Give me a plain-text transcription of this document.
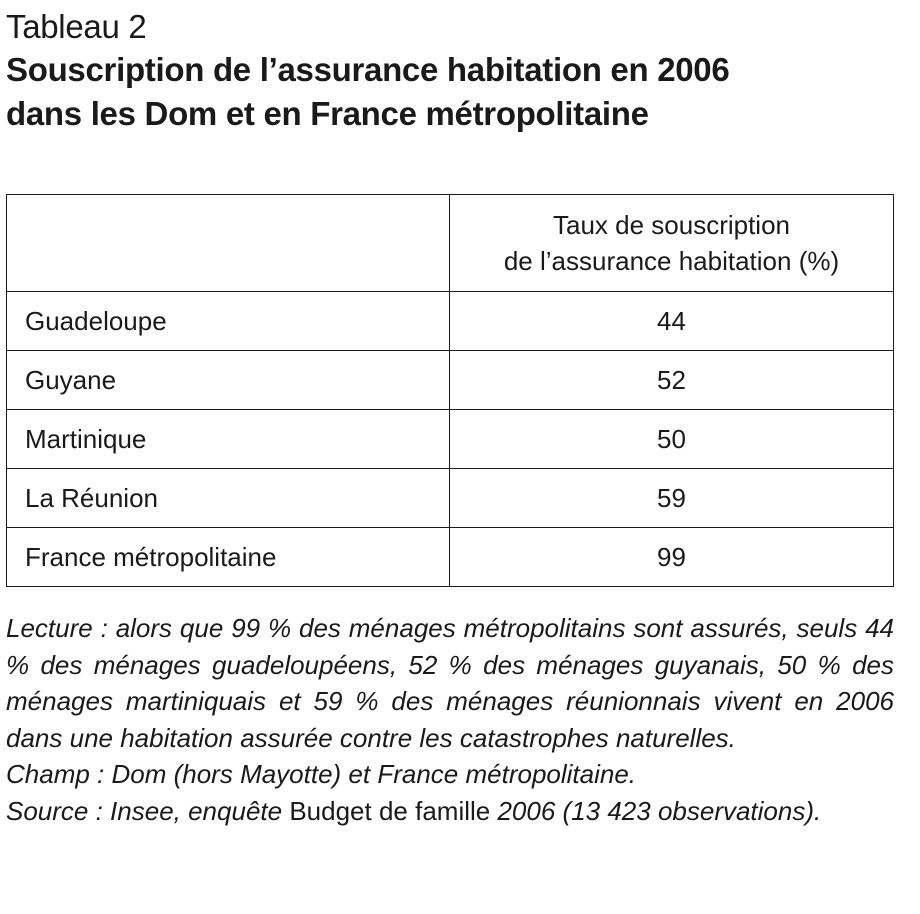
Tableau 2
Souscription de l’assurance habitation en 2006 dans les Dom et en France métropolitaine
	Taux de souscription
de l’assurance habitation (%)
Guadeloupe	44
Guyane	52
Martinique	50
La Réunion	59
France métropolitaine	99

Lecture : alors que 99 % des ménages métropolitains sont assurés, seuls 44 % des ménages guadeloupéens, 52 % des ménages guyanais, 50 % des ménages martiniquais et 59 % des ménages réunionnais vivent en 2006 dans une habitation assurée contre les catastrophes naturelles.

Champ : Dom (hors Mayotte) et France métropolitaine.

Source : Insee, enquête Budget de famille 2006 (13 423 observations).
